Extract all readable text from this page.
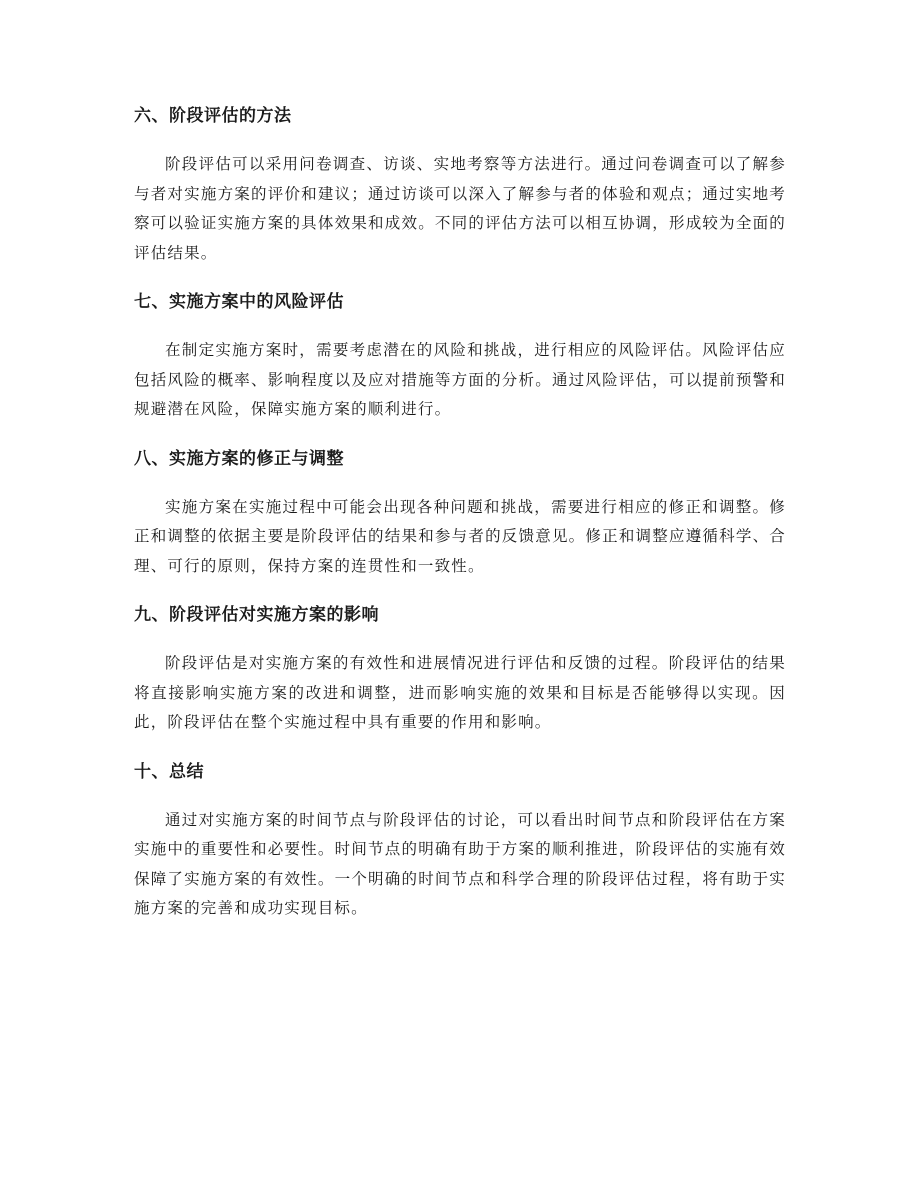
六、阶段评估的方法

阶段评估可以采用问卷调查、访谈、实地考察等方法进行。通过问卷调查可以了解参与者对实施方案的评价和建议；通过访谈可以深入了解参与者的体验和观点；通过实地考察可以验证实施方案的具体效果和成效。不同的评估方法可以相互协调，形成较为全面的评估结果。

七、实施方案中的风险评估

在制定实施方案时，需要考虑潜在的风险和挑战，进行相应的风险评估。风险评估应包括风险的概率、影响程度以及应对措施等方面的分析。通过风险评估，可以提前预警和规避潜在风险，保障实施方案的顺利进行。

八、实施方案的修正与调整

实施方案在实施过程中可能会出现各种问题和挑战，需要进行相应的修正和调整。修正和调整的依据主要是阶段评估的结果和参与者的反馈意见。修正和调整应遵循科学、合理、可行的原则，保持方案的连贯性和一致性。

九、阶段评估对实施方案的影响

阶段评估是对实施方案的有效性和进展情况进行评估和反馈的过程。阶段评估的结果将直接影响实施方案的改进和调整，进而影响实施的效果和目标是否能够得以实现。因此，阶段评估在整个实施过程中具有重要的作用和影响。

十、总结

通过对实施方案的时间节点与阶段评估的讨论，可以看出时间节点和阶段评估在方案实施中的重要性和必要性。时间节点的明确有助于方案的顺利推进，阶段评估的实施有效保障了实施方案的有效性。一个明确的时间节点和科学合理的阶段评估过程，将有助于实施方案的完善和成功实现目标。
